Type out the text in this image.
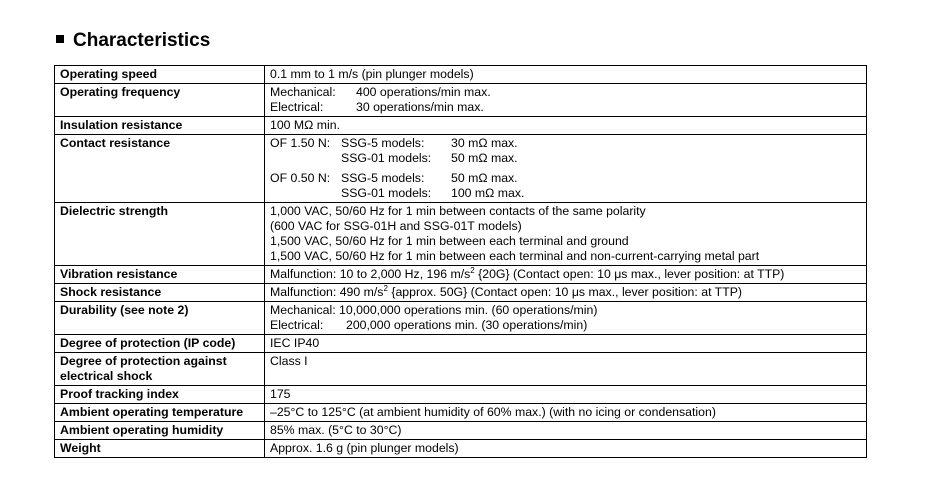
Characteristics
Operating speed	0.1 mm to 1 m/s (pin plunger models)
Operating frequency	Mechanical: 400 operations/min max.
Electrical: 30 operations/min max.

Insulation resistance	100 MΩ min.
Contact resistance	OF 1.50 N: SSG-5 models: 30 mΩ max.
SSG-01 models: 50 mΩ max.
OF 0.50 N: SSG-5 models: 50 mΩ max.
SSG-01 models: 100 mΩ max.

Dielectric strength	1,000 VAC, 50/60 Hz for 1 min between contacts of the same polarity
(600 VAC for SSG-01H and SSG-01T models)
1,500 VAC, 50/60 Hz for 1 min between each terminal and ground
1,500 VAC, 50/60 Hz for 1 min between each terminal and non-current-carrying metal part

Vibration resistance	Malfunction: 10 to 2,000 Hz, 196 $m/s^2$ {20G} (Contact open: 10 μs max., lever position: at TTP)
Shock resistance	Malfunction: 490 $m/s^2$ {approx. 50G} (Contact open: 10 μs max., lever position: at TTP)
Durability (see note 2)	Mechanical: 10,000,000 operations min. (60 operations/min)
Electrical: 200,000 operations min. (30 operations/min)

Degree of protection (IP code)	IEC IP40
Degree of protection against electrical shock	Class I
Proof tracking index	175
Ambient operating temperature	–25°C to 125°C (at ambient humidity of 60% max.) (with no icing or condensation)
Ambient operating humidity	85% max. (5°C to 30°C)
Weight	Approx. 1.6 g (pin plunger models)
